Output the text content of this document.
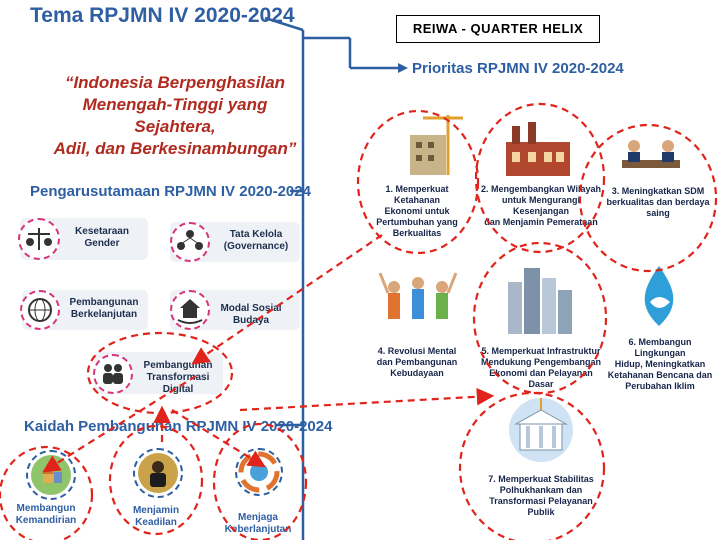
Tema RPJMN IV 2020-2024
REIWA - QUARTER HELIX
“Indonesia Berpenghasilan
Menengah-Tinggi yang Sejahtera,
Adil, dan Berkesinambungan”
Prioritas RPJMN IV 2020-2024
Pengarusutamaan RPJMN IV 2020-2024
Kesetaraan
Gender
Tata Kelola
(Governance)
Pembangunan
Berkelanjutan
Modal Sosial Budaya
Pembangunan
Transformasi Digital
Kaidah Pembangunan RPJMN IV 2020-2024
Membangun
Kemandirian
Menjamin
Keadilan	Menjaga
Keberlanjutan
1. Memperkuat Ketahanan
Ekonomi untuk
Pertumbuhan yang
Berkualitas
2. Mengembangkan Wilayah
untuk Mengurangi Kesenjangan
dan Menjamin Pemerataan
3. Meningkatkan SDM
berkualitas dan berdaya
saing
4. Revolusi Mental
dan Pembangunan
Kebudayaan
5. Memperkuat Infrastruktur
Mendukung Pengembangan
Ekonomi dan Pelayanan Dasar
6. Membangun Lingkungan
Hidup, Meningkatkan
Ketahanan Bencana dan
Perubahan Iklim
7. Memperkuat Stabilitas
Polhukhankam dan
Transformasi Pelayanan
Publik
